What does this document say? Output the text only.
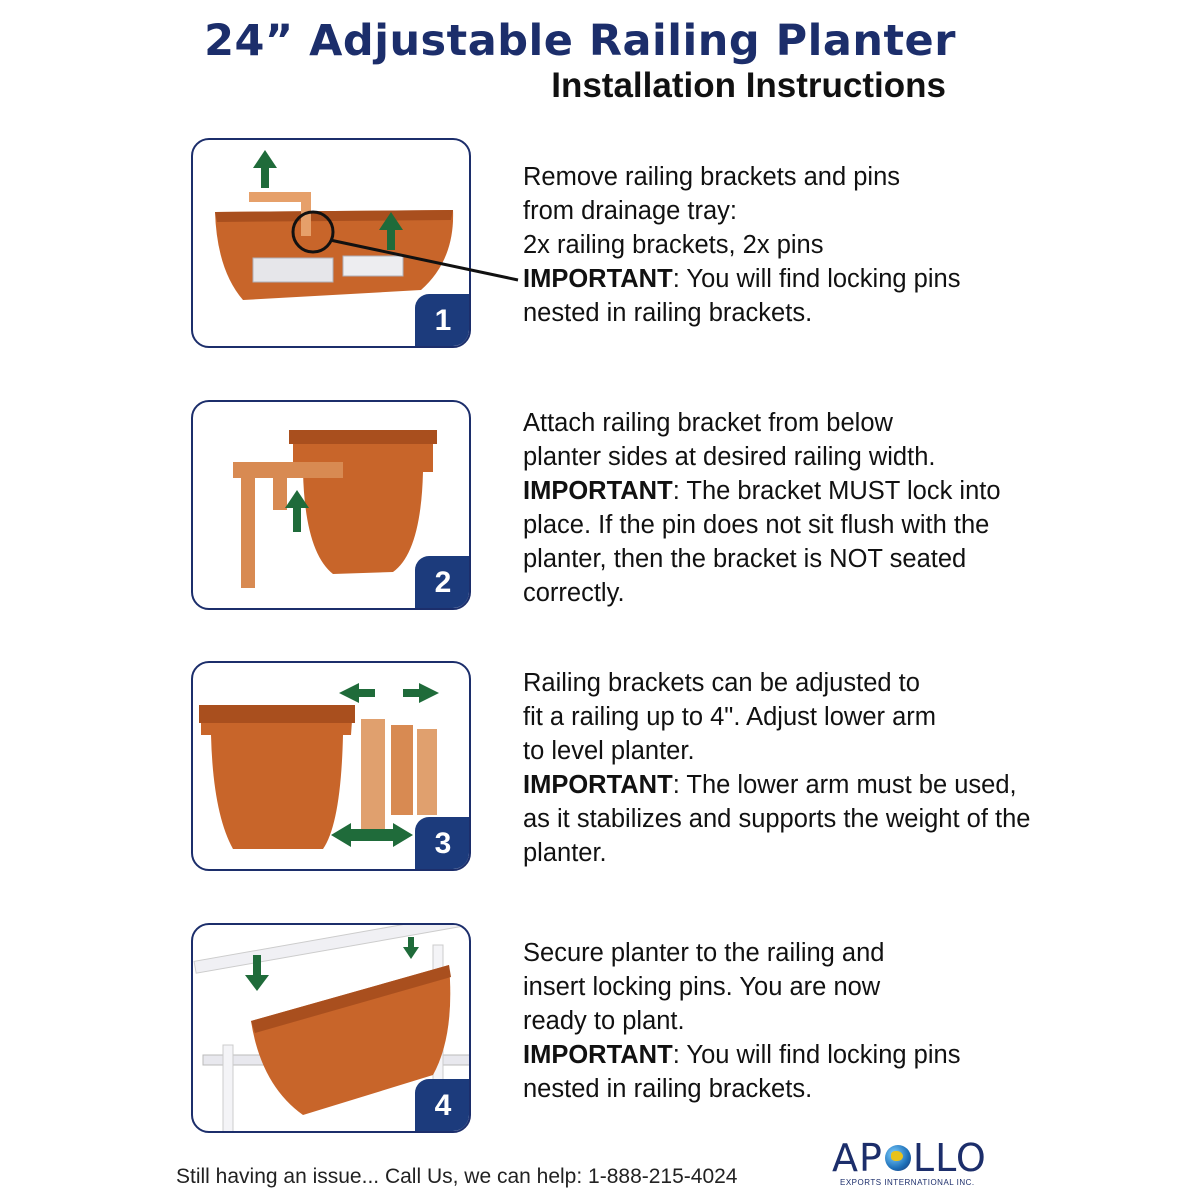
24” Adjustable Railing Planter
Installation Instructions
1

Remove railing brackets and pins

from drainage tray:

2x railing brackets, 2x pins

IMPORTANT: You will find locking pins nested in railing brackets.

2

Attach railing bracket from below

planter sides at desired railing width.

IMPORTANT: The bracket MUST lock into place. If the pin does not sit flush with the planter, then the bracket is NOT seated correctly.

3

Railing brackets can be adjusted to

fit a railing up to 4". Adjust lower arm

to level planter.

IMPORTANT: The lower arm must be used, as it stabilizes and supports the weight of the planter.

4

Secure planter to the railing and

insert locking pins. You are now

ready to plant.

IMPORTANT: You will find locking pins nested in railing brackets.

Still having an issue... Call Us, we can help: 1-888-215-4024 AP LLO
EXPORTS INTERNATIONAL INC.
